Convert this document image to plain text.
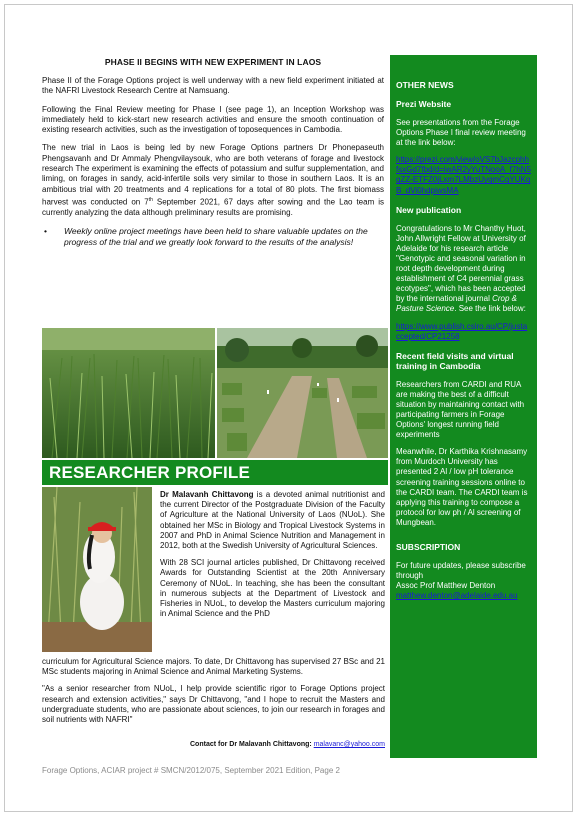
PHASE II BEGINS WITH NEW EXPERIMENT IN LAOS

Phase II of the Forage Options project is well underway with a new field experiment initiated at the NAFRI Livestock Research Centre at Namsuang.

Following the Final Review meeting for Phase I (see page 1), an Inception Workshop was immediately held to kick-start new research activities and ensure the smooth continuation of existing research activities, such as the investigation of toposequences in Cambodia.

The new trial in Laos is being led by new Forage Options partners Dr Phonepaseuth Phengsavanh and Dr Ammaly Phengvilaysouk, who are both veterans of forage and livestock research The experiment is examining the effects of potassium and sulfur supplementation, and liming, on forages in sandy, acid-infertile soils very similar to those in southern Laos. It is an ambitious trial with 20 treatments and 4 replications for a total of 80 plots. The first biomass harvest was conducted on 7th September 2021, 67 days after sowing and the Lao team is currently analyzing the data although preliminary results are promising.

•	Weekly online project meetings have been held to share valuable updates on the progress of the trial and we greatly look forward to the results of the analysis!
RESEARCHER PROFILE

Dr Malavanh Chittavong is a devoted animal nutritionist and the current Director of the Postgraduate Division of the Faculty of Agriculture at the National University of Laos (NUoL). She obtained her MSc in Biology and Tropical Livestock Systems in 2007 and PhD in Animal Science Nutrition and Management in 2012, both at the Swedish University of Agricultural Sciences.

With 28 SCI journal articles published, Dr Chittavong received Awards for Outstanding Scientist at the 20th Anniversary Ceremony of NUoL. In teaching, she has been the consultant in numerous subjects at the Department of Livestock and Fisheries in NUoL, to develop the Masters curriculum majoring in Animal Science and the PhD

curriculum for Agricultural Science majors. To date, Dr Chittavong has supervised 27 BSc and 21 MSc students majoring in Animal Science and Animal Marketing Systems.

"As a senior researcher from NUoL, I help provide scientific rigor to Forage Options project research and extension activities," says Dr Chittavong, "and I hope to recruit the Masters and undergraduate students, who are passionate about sciences, to join our research in forages and soil nutrients with NAFRI"

Contact for Dr Malavanh Chittavong: malavanc@yahoo.com
OTHER NEWS
Prezi Website
See presentations from the Forage Options Phase I final review meeting at the link below:
https://prezi.com/view/oVS7bJazcphhfsxGd7fbd/d=iwAR2yYuTNooA_f7hN5gZZ-ETFZ0jLxm7LMbzUyqmCqYUKqB_dVi0hdpiwsMA
New publication
Congratulations to Mr Chanthy Huot, John Allwright Fellow at University of Adelaide for his research article "Genotypic and seasonal variation in root depth development during establishment of C4 perennial grass ecotypes", which has been accepted by the international journal Crop & Pasture Science. See the link below:
https://www.publish.csiro.au/CP/justaccepted/CP21258
Recent field visits and virtual training in Cambodia
Researchers from CARDI and RUA are making the best of a difficult situation by maintaining contact with participating farmers in Forage Options' longest running field experiments
Meanwhile, Dr Karthika Krishnasamy from Murdoch University has presented 2 Al / low pH tolerance screening training sessions online to the CARDI team. The CARDI team is applying this training to compose a protocol for low ph / Al screening of Mungbean.
SUBSCRIPTION
For future updates, please subscribe through
Assoc Prof Matthew Denton
matthew.denton@adelaide.edu.au
Forage Options, ACIAR project # SMCN/2012/075, September 2021 Edition, Page 2
